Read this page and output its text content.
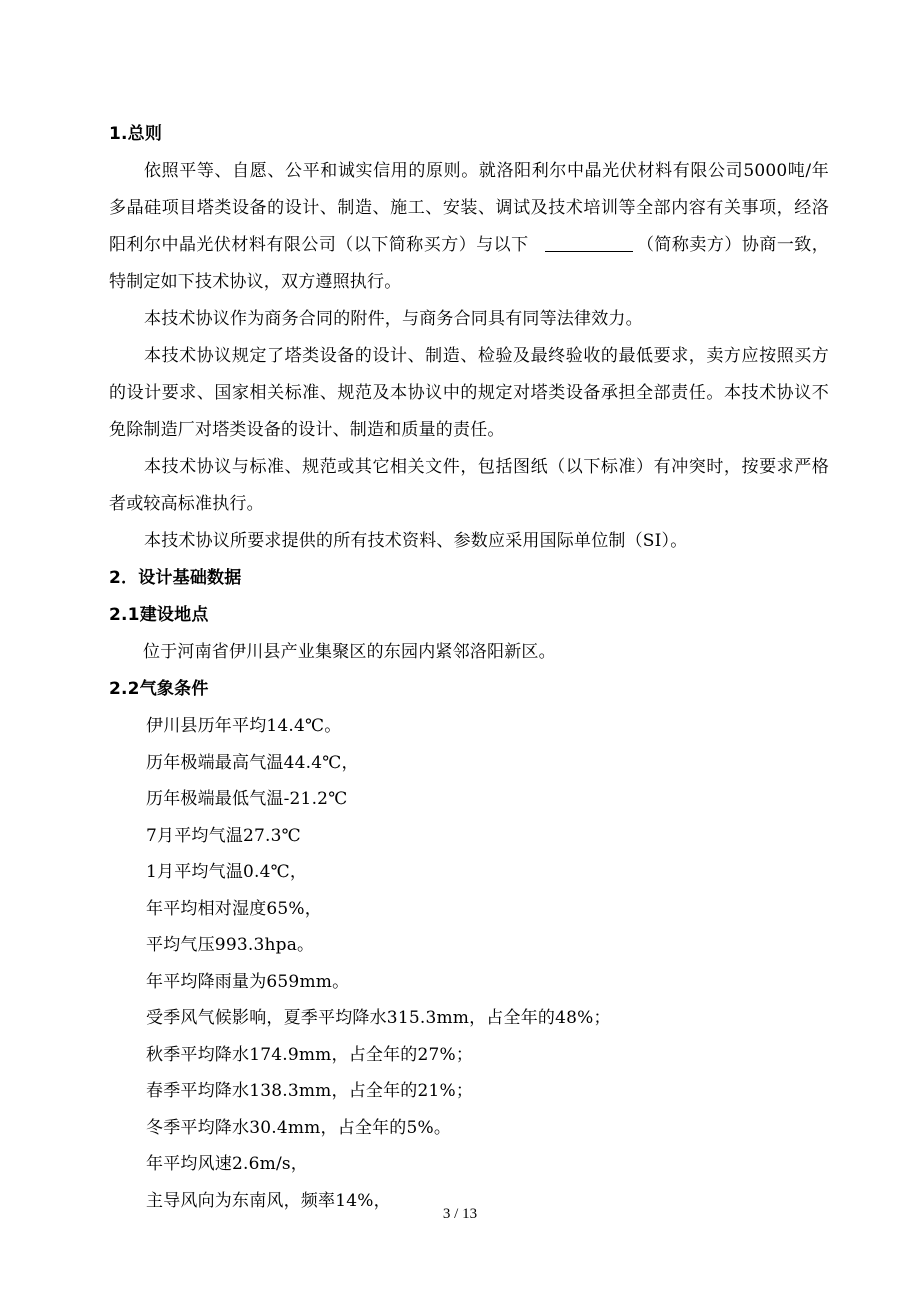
1.总则

依照平等、自愿、公平和诚实信用的原则。就洛阳利尔中晶光伏材料有限公司5000吨/年多晶硅项目塔类设备的设计、制造、施工、安装、调试及技术培训等全部内容有关事项，经洛阳利尔中晶光伏材料有限公司（以下简称买方）与以下	（简称卖方）协商一致，特制定如下技术协议，双方遵照执行。

本技术协议作为商务合同的附件，与商务合同具有同等法律效力。

本技术协议规定了塔类设备的设计、制造、检验及最终验收的最低要求，卖方应按照买方的设计要求、国家相关标准、规范及本协议中的规定对塔类设备承担全部责任。本技术协议不免除制造厂对塔类设备的设计、制造和质量的责任。

本技术协议与标准、规范或其它相关文件，包括图纸（以下标准）有冲突时，按要求严格者或较高标准执行。

本技术协议所要求提供的所有技术资料、参数应采用国际单位制（SI）。

2．设计基础数据

2.1建设地点

位于河南省伊川县产业集聚区的东园内紧邻洛阳新区。

2.2气象条件

伊川县历年平均14.4℃。
历年极端最高气温44.4℃，
历年极端最低气温-21.2℃
7月平均气温27.3℃
1月平均气温0.4℃，
年平均相对湿度65%，
平均气压993.3hpa。
年平均降雨量为659mm。
受季风气候影响，夏季平均降水315.3mm，占全年的48%；
秋季平均降水174.9mm，占全年的27%；
春季平均降水138.3mm，占全年的21%；
冬季平均降水30.4mm，占全年的5%。
年平均风速2.6m/s，
主导风向为东南风，频率14%，
3 / 13
